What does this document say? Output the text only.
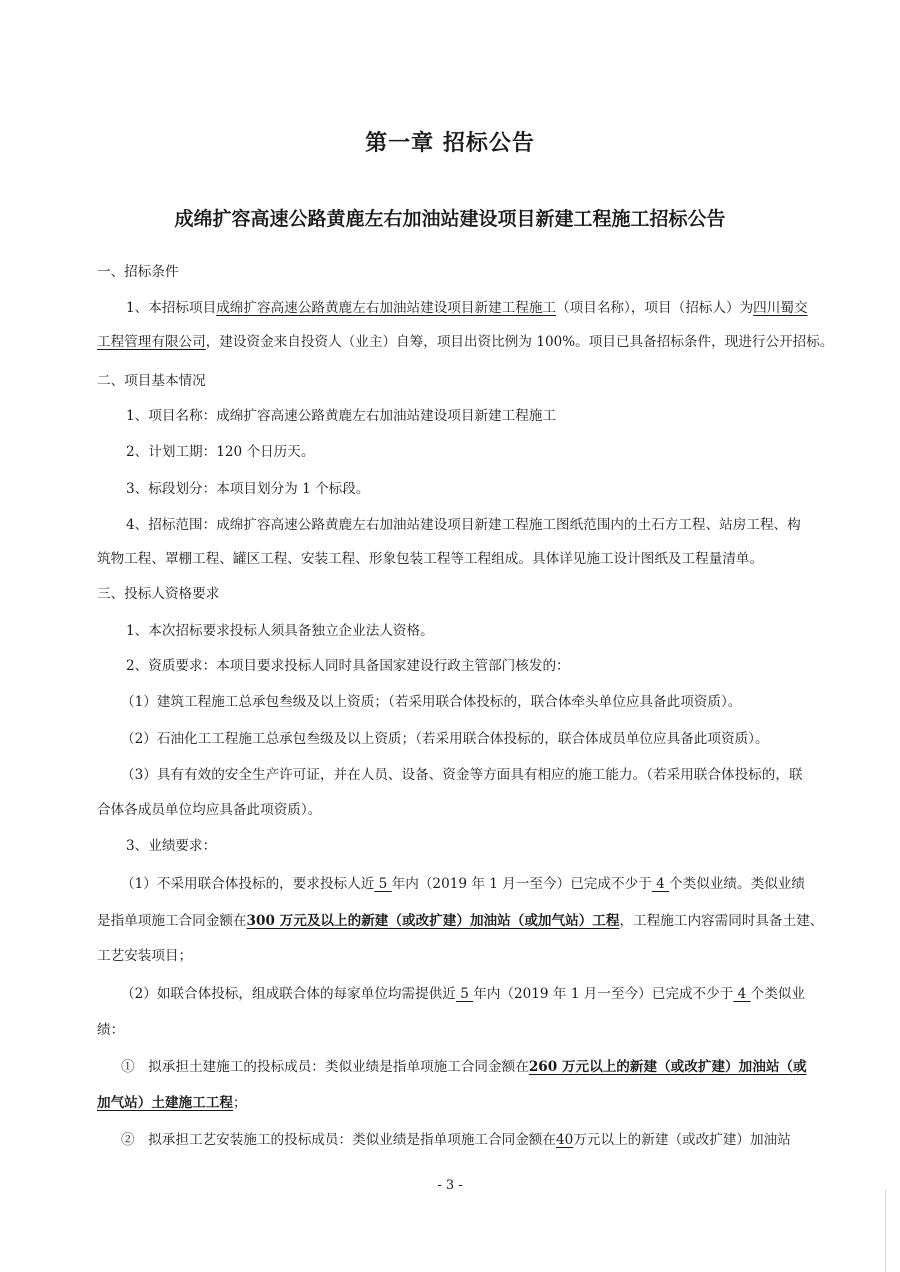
第一章 招标公告
成绵扩容高速公路黄鹿左右加油站建设项目新建工程施工招标公告
一、招标条件
1、本招标项目成绵扩容高速公路黄鹿左右加油站建设项目新建工程施工（项目名称），项目（招标人）为四川蜀交
工程管理有限公司，建设资金来自投资人（业主）自筹，项目出资比例为 100%。项目已具备招标条件，现进行公开招标。
二、项目基本情况
1、项目名称：成绵扩容高速公路黄鹿左右加油站建设项目新建工程施工
2、计划工期：120 个日历天。
3、标段划分：本项目划分为 1 个标段。
4、招标范围：成绵扩容高速公路黄鹿左右加油站建设项目新建工程施工图纸范围内的土石方工程、站房工程、构
筑物工程、罩棚工程、罐区工程、安装工程、形象包装工程等工程组成。具体详见施工设计图纸及工程量清单。
三、投标人资格要求
1、本次招标要求投标人须具备独立企业法人资格。
2、资质要求：本项目要求投标人同时具备国家建设行政主管部门核发的：
（1）建筑工程施工总承包叁级及以上资质；（若采用联合体投标的，联合体牵头单位应具备此项资质）。
（2）石油化工工程施工总承包叁级及以上资质；（若采用联合体投标的，联合体成员单位应具备此项资质）。
（3）具有有效的安全生产许可证，并在人员、设备、资金等方面具有相应的施工能力。（若采用联合体投标的，联
合体各成员单位均应具备此项资质）。
3、业绩要求：
（1）不采用联合体投标的，要求投标人近 5 年内（2019 年 1 月一至今）已完成不少于 4 个类似业绩。类似业绩
是指单项施工合同金额在300 万元及以上的新建（或改扩建）加油站（或加气站）工程，工程施工内容需同时具备土建、
工艺安装项目；
（2）如联合体投标，组成联合体的每家单位均需提供近 5 年内（2019 年 1 月一至今）已完成不少于 4 个类似业
绩：
①　拟承担土建施工的投标成员：类似业绩是指单项施工合同金额在260 万元以上的新建（或改扩建）加油站（或
加气站）土建施工工程；
②　拟承担工艺安装施工的投标成员：类似业绩是指单项施工合同金额在40万元以上的新建（或改扩建）加油站
- 3 -
